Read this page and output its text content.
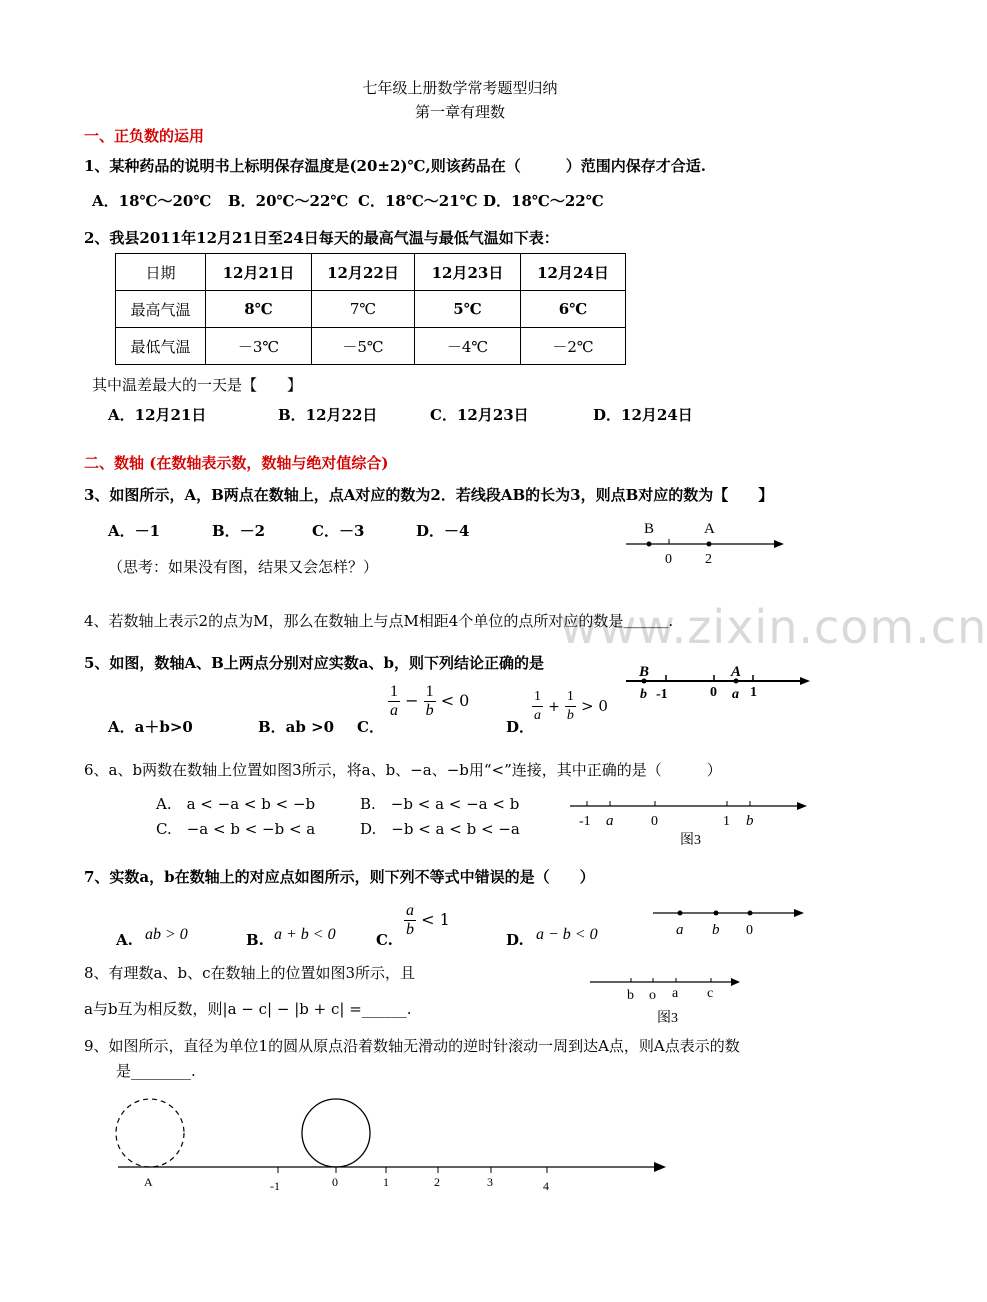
www.zixin.com.cn
七年级上册数学常考题型归纳
第一章有理数
一、正负数的运用
1、某种药品的说明书上标明保存温度是(20±2)℃,则该药品在（　　　）范围内保存才合适.
A．18℃～20℃ B．20℃～22℃ C．18℃～21℃ D．18℃～22℃
2、我县2011年12月21日至24日每天的最高气温与最低气温如下表：
日期	12月21日	12月22日	12月23日	12月24日
最高气温	8℃	7℃	5℃	6℃
最低气温	－3℃	－5℃	－4℃	－2℃
其中温差最大的一天是【　　】
A．12月21日	B．12月22日	C．12月23日	D．12月24日
二、数轴 (在数轴表示数，数轴与绝对值综合)
3、如图所示，A，B两点在数轴上，点A对应的数为2．若线段AB的长为3，则点B对应的数为【　　】
A．－1	B．－2	C．－3	D．－4
（思考：如果没有图，结果又会怎样？）
B	A
0 2
4、若数轴上表示2的点为M，那么在数轴上与点M相距4个单位的点所对应的数是＿＿＿.
5、如图，数轴A、B上两点分别对应实数a、b，则下列结论正确的是
A．a＋b>0	B．ab >0 C．
$\frac{1}{a} - \frac{1}{b} < 0$
D．
$\frac{1}{a} + \frac{1}{b} > 0$
B	A
b -1	0 a 1
6、a、b两数在数轴上位置如图3所示，将a、b、−a、−b用“<”连接，其中正确的是（　　　）
A.　a < −a < b < −b	B.　−b < a < −a < b
C.　−a < b < −b < a	D.　−b < a < b < −a	-1 a	0	1 b
图3
7、实数a，b在数轴上的对应点如图所示，则下列不等式中错误的是（　　）
A. ab > 0	B. a + b < 0	C.
$\frac{a}{b} < 1$
D. a − b < 0	a b 0
8、有理数a、b、c在数轴上的位置如图3所示，且
a与b互为相反数，则|a − c| − |b + c| =______.
b o a c
图3
9、如图所示，直径为单位1的圆从原点沿着数轴无滑动的逆时针滚动一周到达A点，则A点表示的数
是________.
A	-1	0	1	2	3	4
